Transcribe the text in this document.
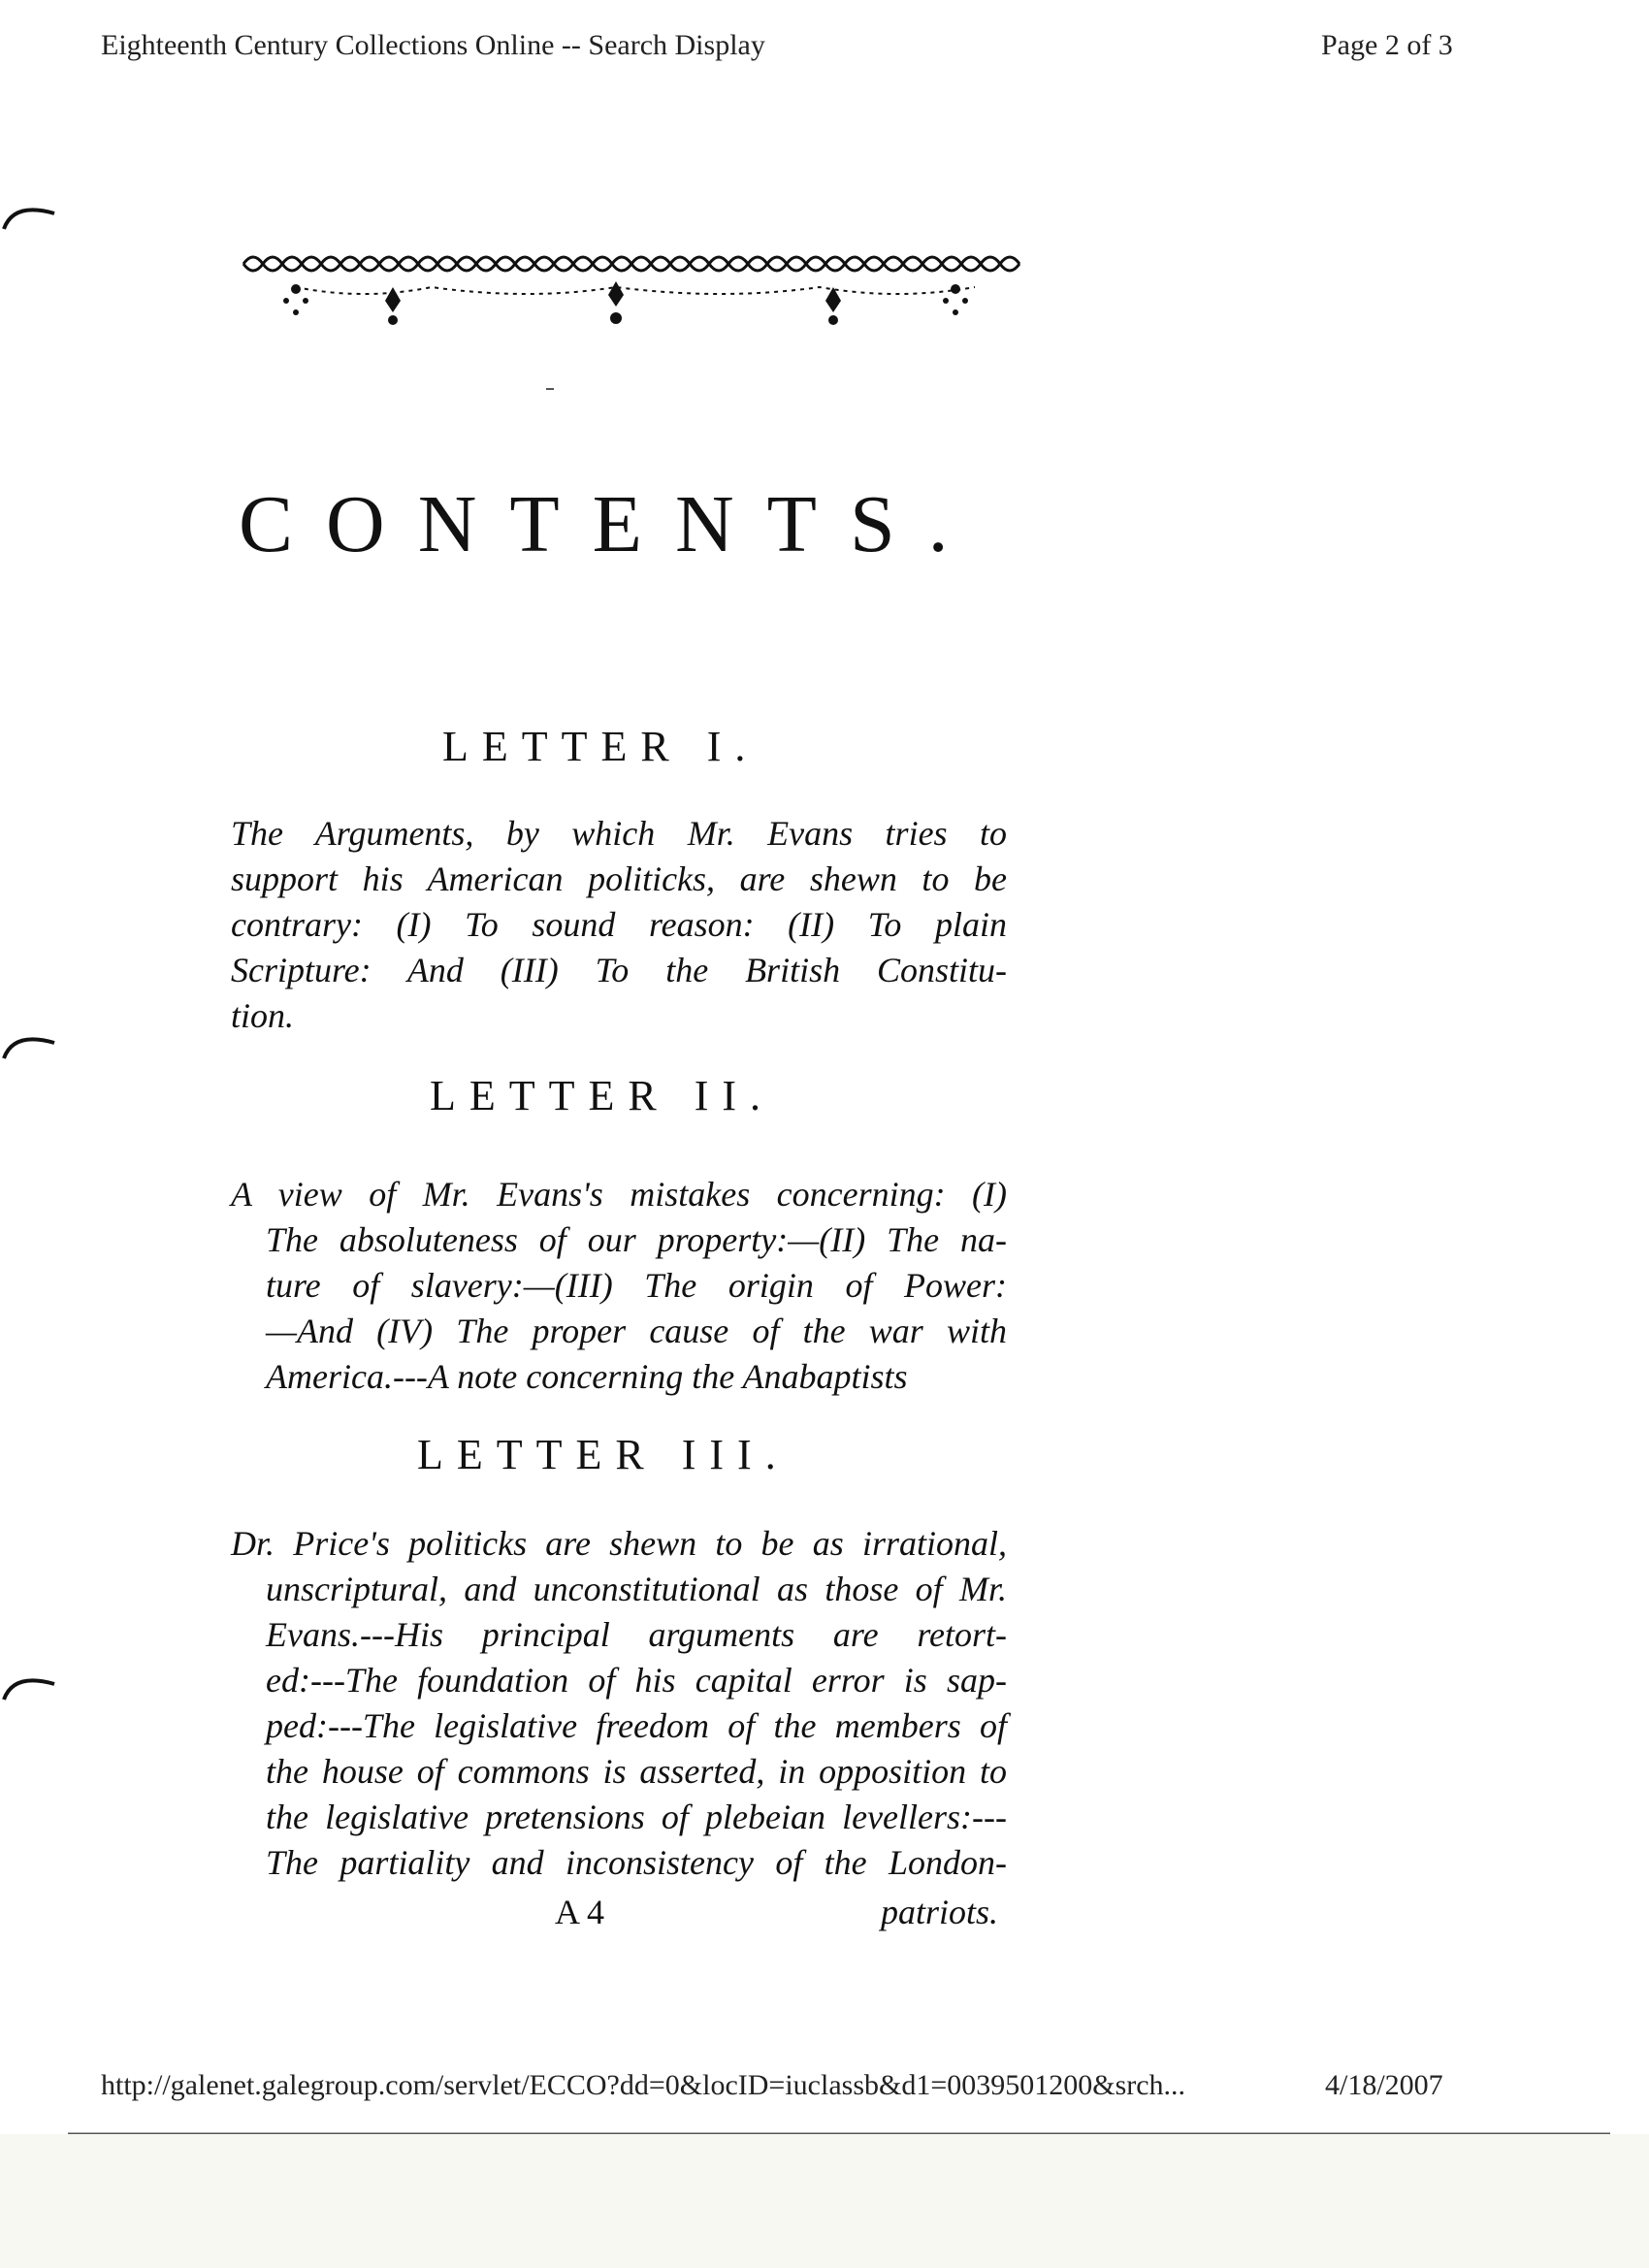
Eighteenth Century Collections Online -- Search Display	Page 2 of 3
CONTENTS.
LETTER I.
The Arguments, by which Mr. Evans tries to
support his American politicks, are shewn to be
contrary: (I) To sound reason: (II) To plain
Scripture: And (III) To the British Constitu-
tion.
LETTER II.
A view of Mr. Evans's mistakes concerning: (I)
The absoluteness of our property:—(II) The na-
ture of slavery:—(III) The origin of Power:
—And (IV) The proper cause of the war with
America.---A note concerning the Anabaptists
LETTER III.
Dr. Price's politicks are shewn to be as irrational,
unscriptural, and unconstitutional as those of Mr.
Evans.---His principal arguments are retort-
ed:---The foundation of his capital error is sap-
ped:---The legislative freedom of the members of
the house of commons is asserted, in opposition to
the legislative pretensions of plebeian levellers:---
The partiality and inconsistency of the London-
A 4	patriots.
http://galenet.galegroup.com/servlet/ECCO?dd=0&locID=iuclassb&d1=0039501200&srch...	4/18/2007
